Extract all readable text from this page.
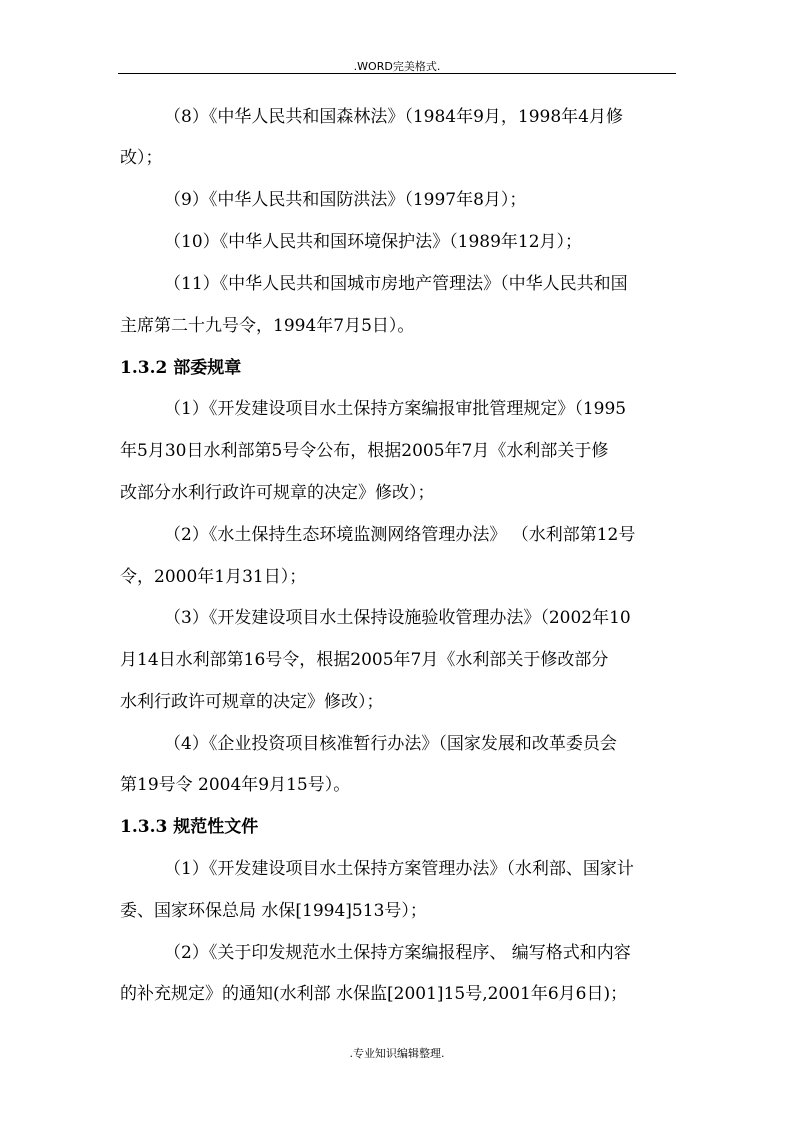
.WORD完美格式.
（8）《中华人民共和国森林法》（1984年9月，1998年4月修
改）；
（9）《中华人民共和国防洪法》（1997年8月）；
（10）《中华人民共和国环境保护法》（1989年12月）；
（11）《中华人民共和国城市房地产管理法》（中华人民共和国
主席第二十九号令，1994年7月5日）。
1.3.2 部委规章
（1）《开发建设项目水土保持方案编报审批管理规定》（1995
年5月30日水利部第5号令公布，根据2005年7月《水利部关于修
改部分水利行政许可规章的决定》修改）；
（2）《水土保持生态环境监测网络管理办法》 （水利部第12号
令，2000年1月31日）；
（3）《开发建设项目水土保持设施验收管理办法》（2002年10
月14日水利部第16号令，根据2005年7月《水利部关于修改部分
水利行政许可规章的决定》修改）；
（4）《企业投资项目核准暂行办法》（国家发展和改革委员会
第19号令 2004年9月15号）。
1.3.3 规范性文件
（1）《开发建设项目水土保持方案管理办法》（水利部、国家计
委、国家环保总局 水保[1994]513号）；
（2）《关于印发规范水土保持方案编报程序、 编写格式和内容
的补充规定》的通知(水利部 水保监[2001]15号,2001年6月6日)；
.专业知识编辑整理.
